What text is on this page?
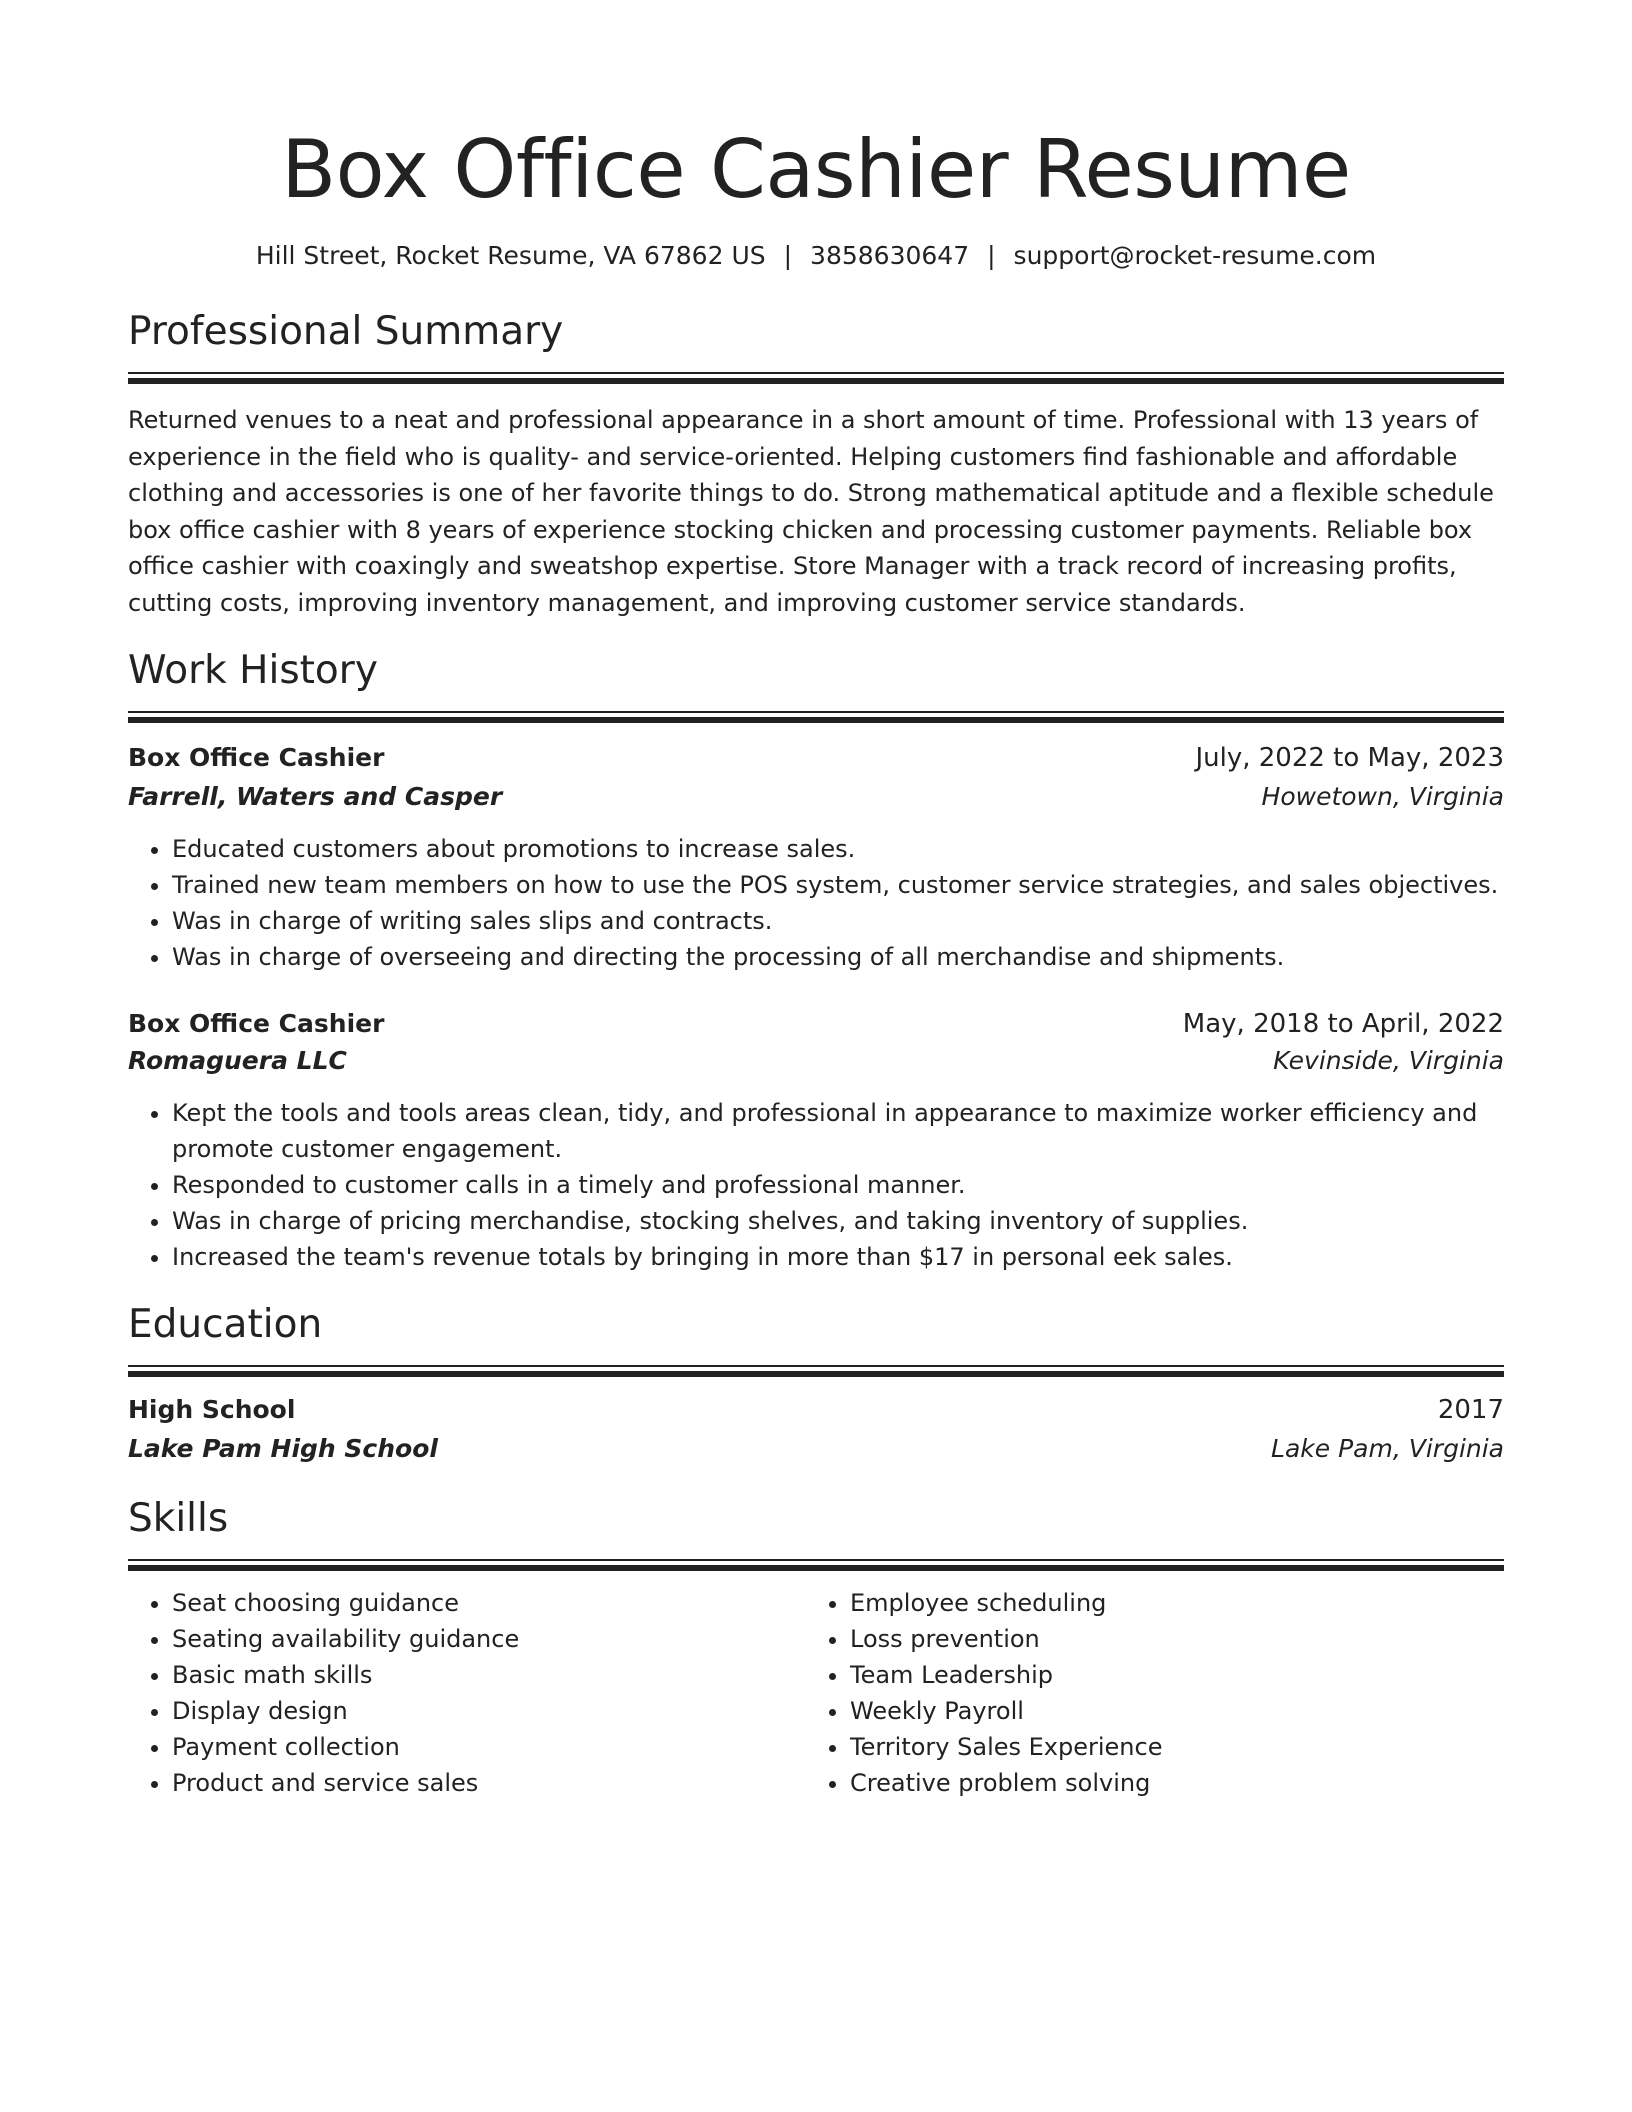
Box Office Cashier Resume
Hill Street, Rocket Resume, VA 67862 US | 3858630647 | support@rocket-resume.com
Professional Summary

Returned venues to a neat and professional appearance in a short amount of time. Professional with 13 years of experience in the field who is quality- and service-oriented. Helping customers find fashionable and affordable clothing and accessories is one of her favorite things to do. Strong mathematical aptitude and a flexible schedule box office cashier with 8 years of experience stocking chicken and processing customer payments. Reliable box office cashier with coaxingly and sweatshop expertise. Store Manager with a track record of increasing profits, cutting costs, improving inventory management, and improving customer service standards.

Work History
Box Office Cashier	July, 2022 to May, 2023
Farrell, Waters and Casper	Howetown, Virginia
• Educated customers about promotions to increase sales.
• Trained new team members on how to use the POS system, customer service strategies, and sales objectives.
• Was in charge of writing sales slips and contracts.
• Was in charge of overseeing and directing the processing of all merchandise and shipments.
Box Office Cashier	May, 2018 to April, 2022
Romaguera LLC	Kevinside, Virginia
• Kept the tools and tools areas clean, tidy, and professional in appearance to maximize worker efficiency and promote customer engagement.
• Responded to customer calls in a timely and professional manner.
• Was in charge of pricing merchandise, stocking shelves, and taking inventory of supplies.
• Increased the team's revenue totals by bringing in more than $17 in personal eek sales.
Education
High School	2017
Lake Pam High School	Lake Pam, Virginia
Skills
• Seat choosing guidance
• Seating availability guidance
• Basic math skills
• Display design
• Payment collection
• Product and service sales
• Employee scheduling
• Loss prevention
• Team Leadership
• Weekly Payroll
• Territory Sales Experience
• Creative problem solving
